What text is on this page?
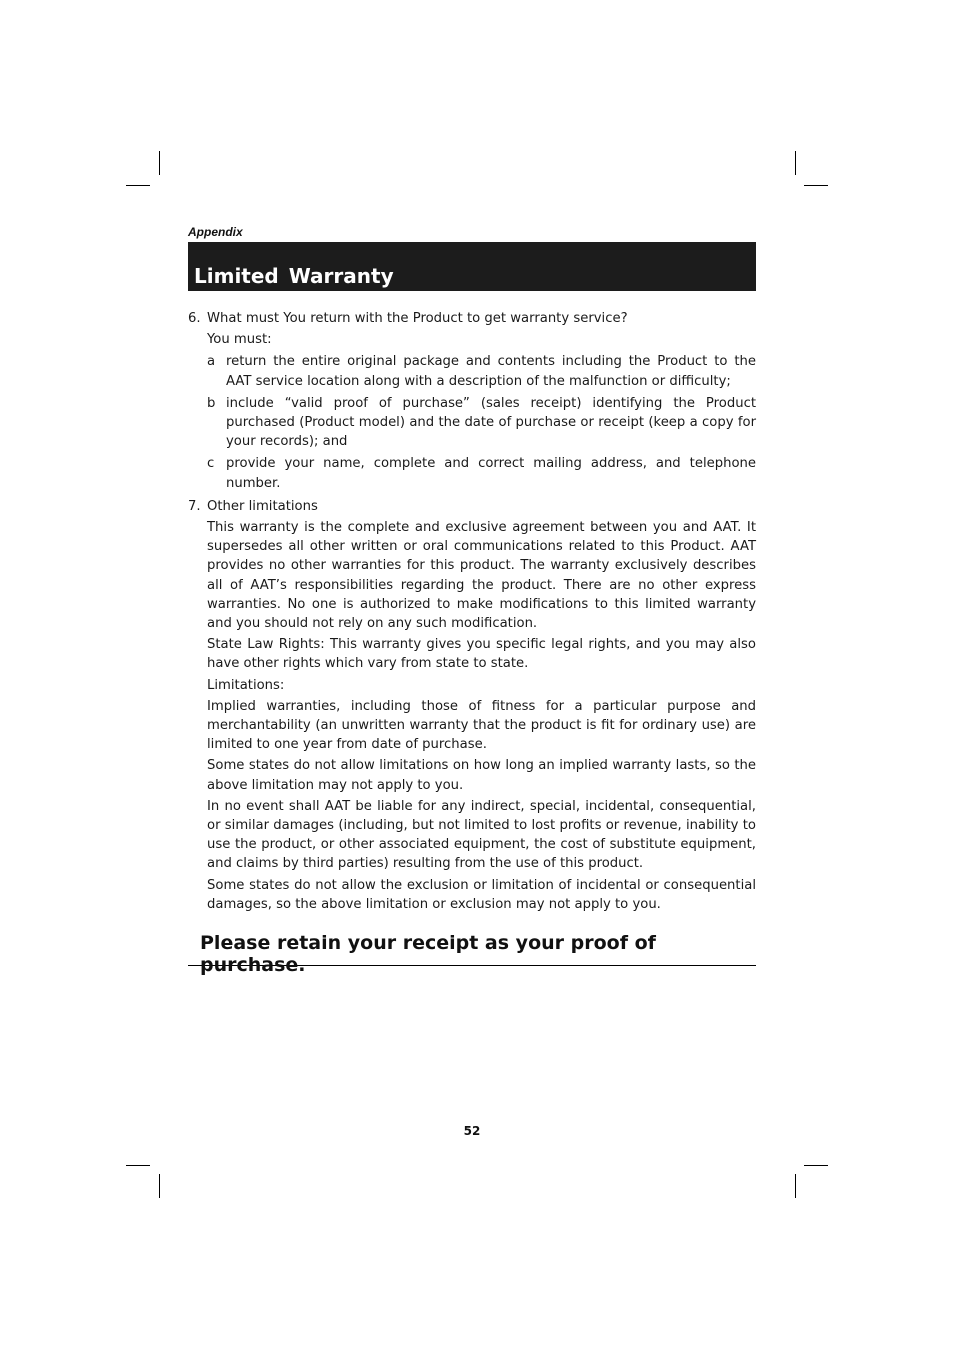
Appendix
Limited Warranty
6. What must You return with the Product to get warranty service?

You must:

a return the entire original package and contents including the Product to the AAT service location along with a description of the malfunction or difficulty;

b include “valid proof of purchase” (sales receipt) identifying the Product purchased (Product model) and the date of purchase or receipt (keep a copy for your records); and

c provide your name, complete and correct mailing address, and telephone number.

7. Other limitations

This warranty is the complete and exclusive agreement between you and AAT. It supersedes all other written or oral communications related to this Product. AAT provides no other warranties for this product. The warranty exclusively describes all of AAT’s responsibilities regarding the product. There are no other express warranties. No one is authorized to make modifications to this limited warranty and you should not rely on any such modification.

State Law Rights: This warranty gives you specific legal rights, and you may also have other rights which vary from state to state.

Limitations:

Implied warranties, including those of fitness for a particular purpose and merchantability (an unwritten warranty that the product is fit for ordinary use) are limited to one year from date of purchase.

Some states do not allow limitations on how long an implied warranty lasts, so the above limitation may not apply to you.

In no event shall AAT be liable for any indirect, special, incidental, consequential, or similar damages (including, but not limited to lost profits or revenue, inability to use the product, or other associated equipment, the cost of substitute equipment, and claims by third parties) resulting from the use of this product.

Some states do not allow the exclusion or limitation of incidental or consequential damages, so the above limitation or exclusion may not apply to you.

Please retain your receipt as your proof of purchase.
52
